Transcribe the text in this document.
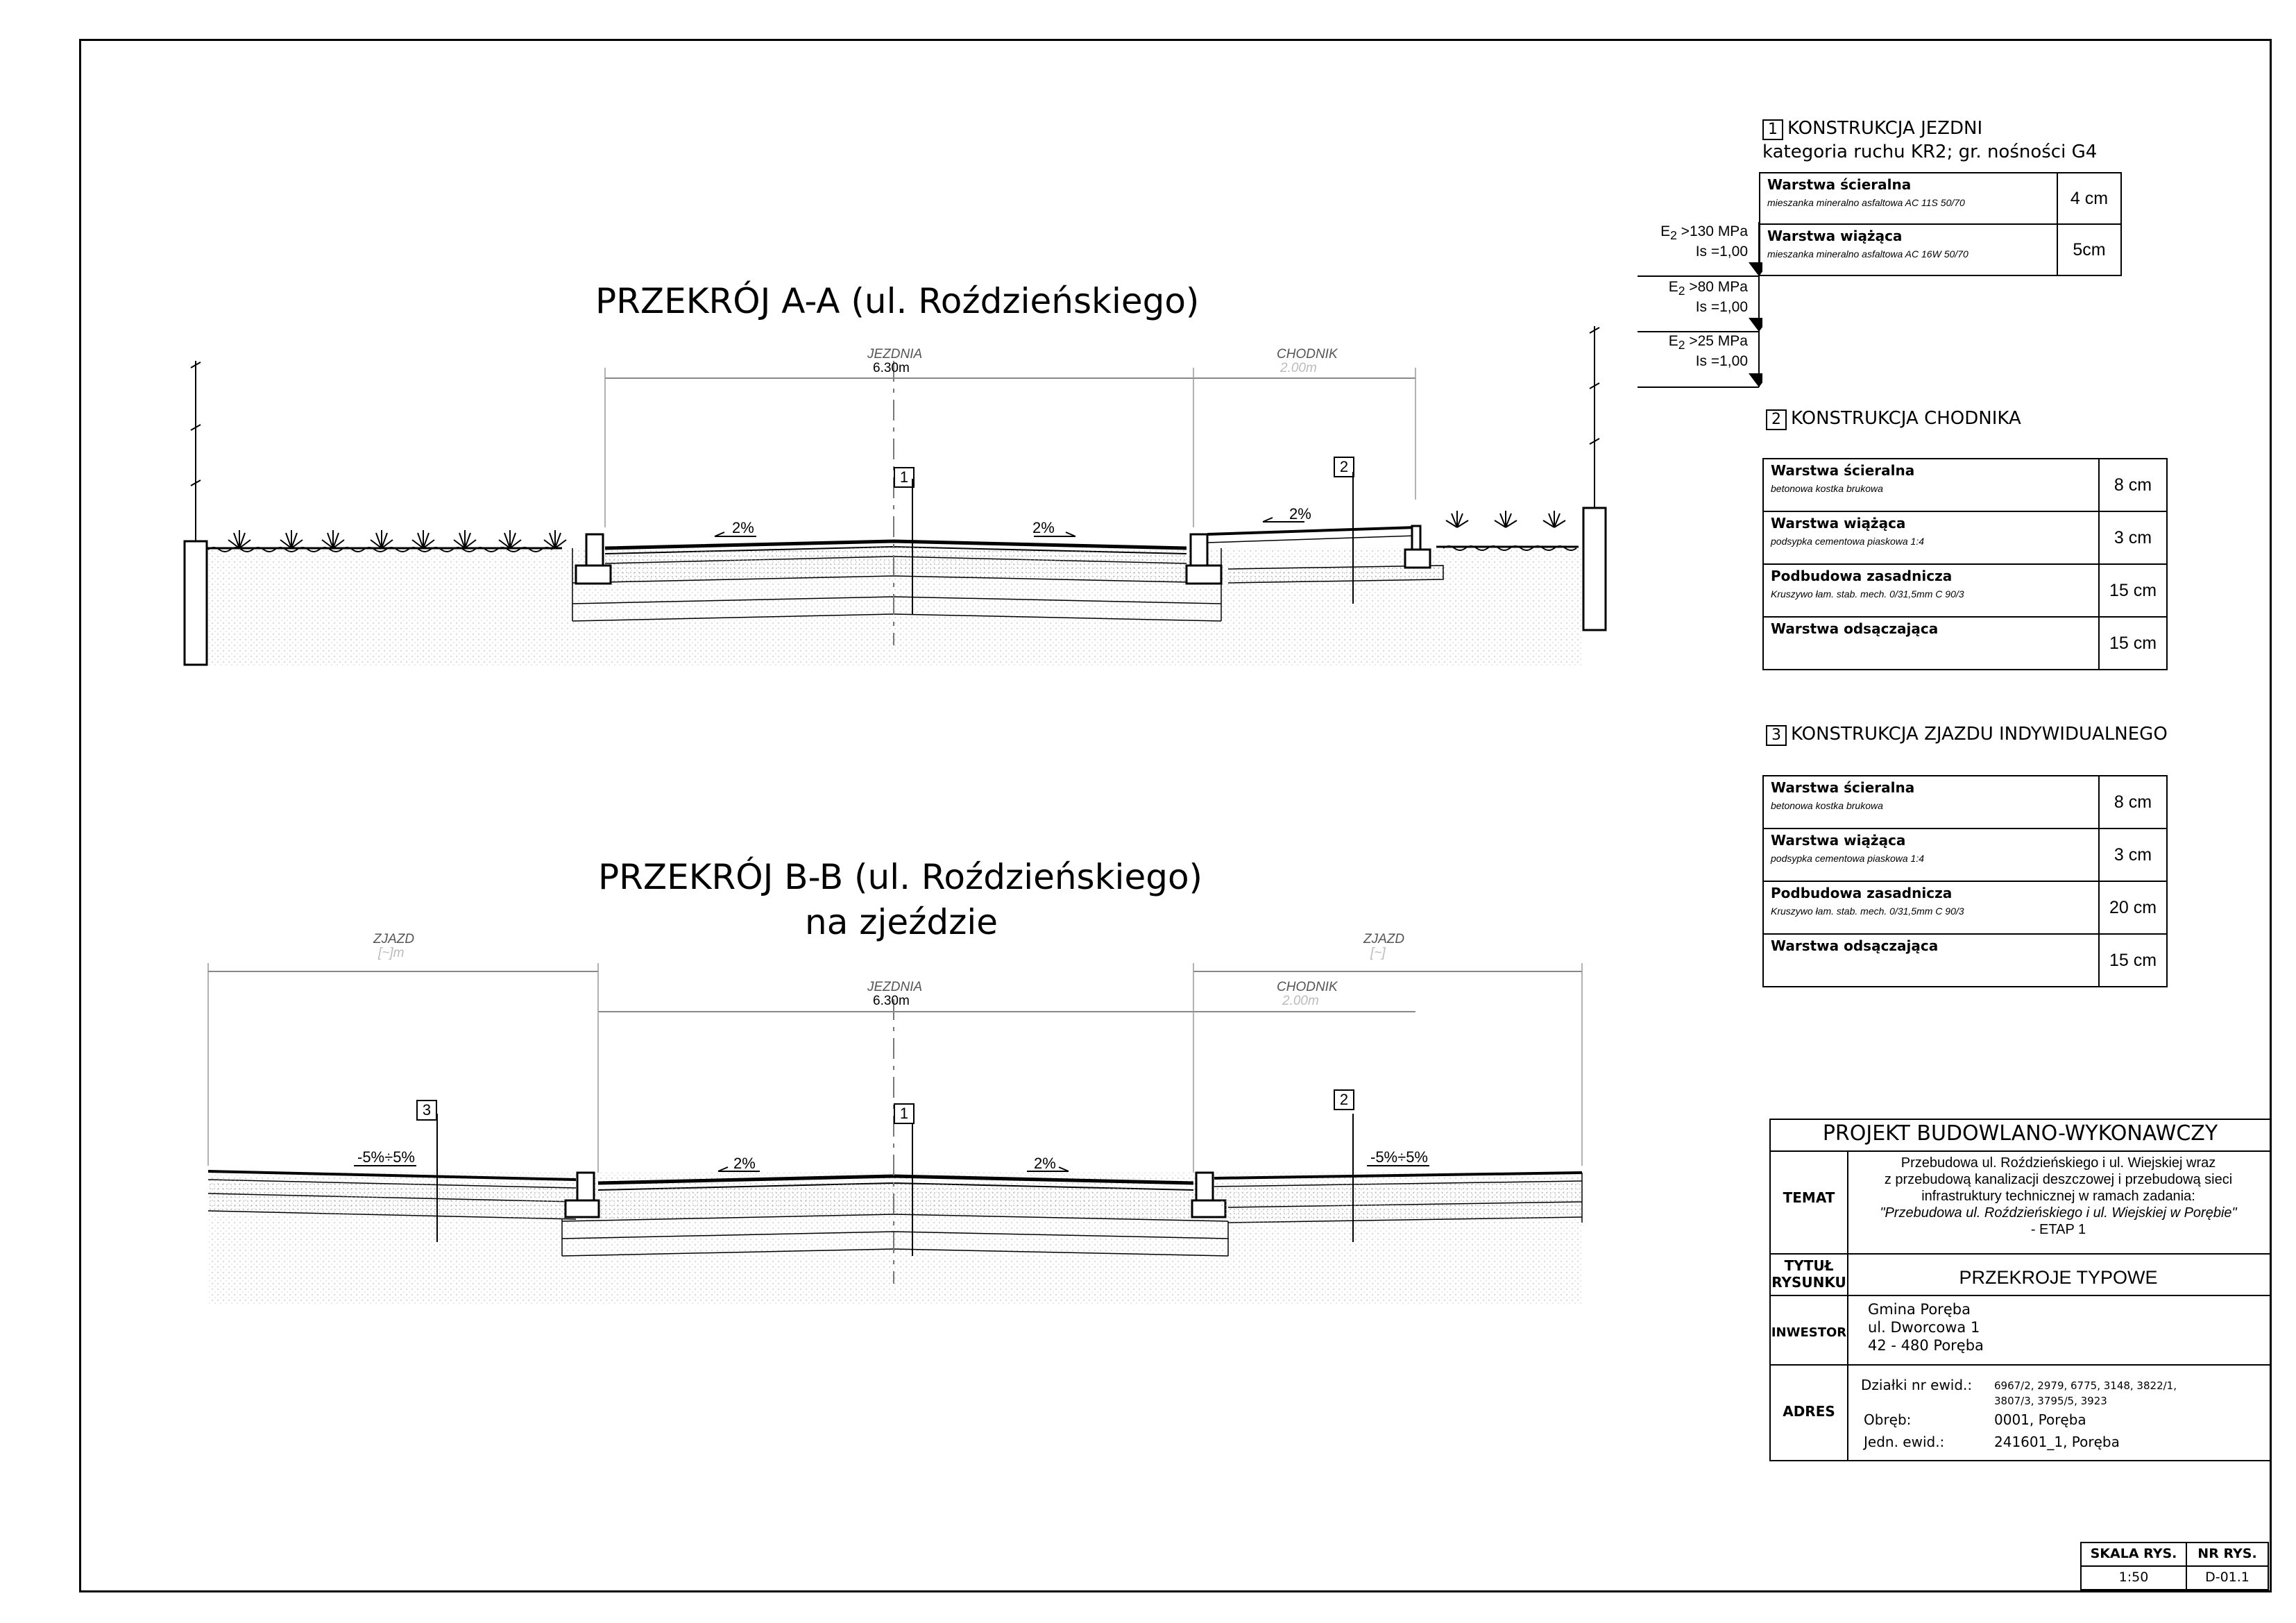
PRZEKRÓJ A-A (ul. Roździeńskiego)
JEZDNIA
6.30m
CHODNIK
2.00m
2%	2%
2%
1
2
PRZEKRÓJ B-B (ul. Roździeńskiego)
na zjeździe
ZJAZD
[~]m
ZJAZD
[~]
JEZDNIA
6.30m
CHODNIK
2.00m
2%	2%
-5%÷5%	-5%÷5%
1
2
3
1 KONSTRUKCJA JEZDNI
kategoria ruchu KR2; gr. nośności G4
Warstwa ścieralna
mieszanka mineralno asfaltowa AC 11S 50/70	4 cm

Warstwa wiążąca
mieszanka mineralno asfaltowa AC 16W 50/70	5cm
$E_2 >130$ MPa
Is =1,00
$E_2 >80$ MPa
Is =1,00
$E_2 >25$ MPa
Is =1,00
2 KONSTRUKCJA CHODNIKA
Warstwa ścieralna
betonowa kostka brukowa	8 cm

Warstwa wiążąca
podsypka cementowa piaskowa 1:4	3 cm

Podbudowa zasadnicza
Kruszywo łam. stab. mech. 0/31,5mm C 90/3	15 cm

Warstwa odsączająca	15 cm
3 KONSTRUKCJA ZJAZDU INDYWIDUALNEGO
Warstwa ścieralna
betonowa kostka brukowa	8 cm

Warstwa wiążąca
podsypka cementowa piaskowa 1:4	3 cm

Podbudowa zasadnicza
Kruszywo łam. stab. mech. 0/31,5mm C 90/3	20 cm

Warstwa odsączająca	15 cm
PROJEKT BUDOWLANO-WYKONAWCZY
TEMAT
Przebudowa ul. Roździeńskiego i ul. Wiejskiej wraz
z przebudową kanalizacji deszczowej i przebudową sieci
infrastruktury technicznej w ramach zadania:
"Przebudowa ul. Roździeńskiego i ul. Wiejskiej w Porębie"
- ETAP 1
TYTUŁ
RYSUNKU	PRZEKROJE TYPOWE
INWESTOR
Gmina Poręba
ul. Dworcowa 1
42 - 480 Poręba
ADRES
Działki nr ewid.: 6967/2, 2979, 6775, 3148, 3822/1,
3807/3, 3795/5, 3923
Obręb:	0001, Poręba
Jedn. ewid.:	241601_1, Poręba
SKALA RYS.
1:50
NR RYS.
D-01.1
